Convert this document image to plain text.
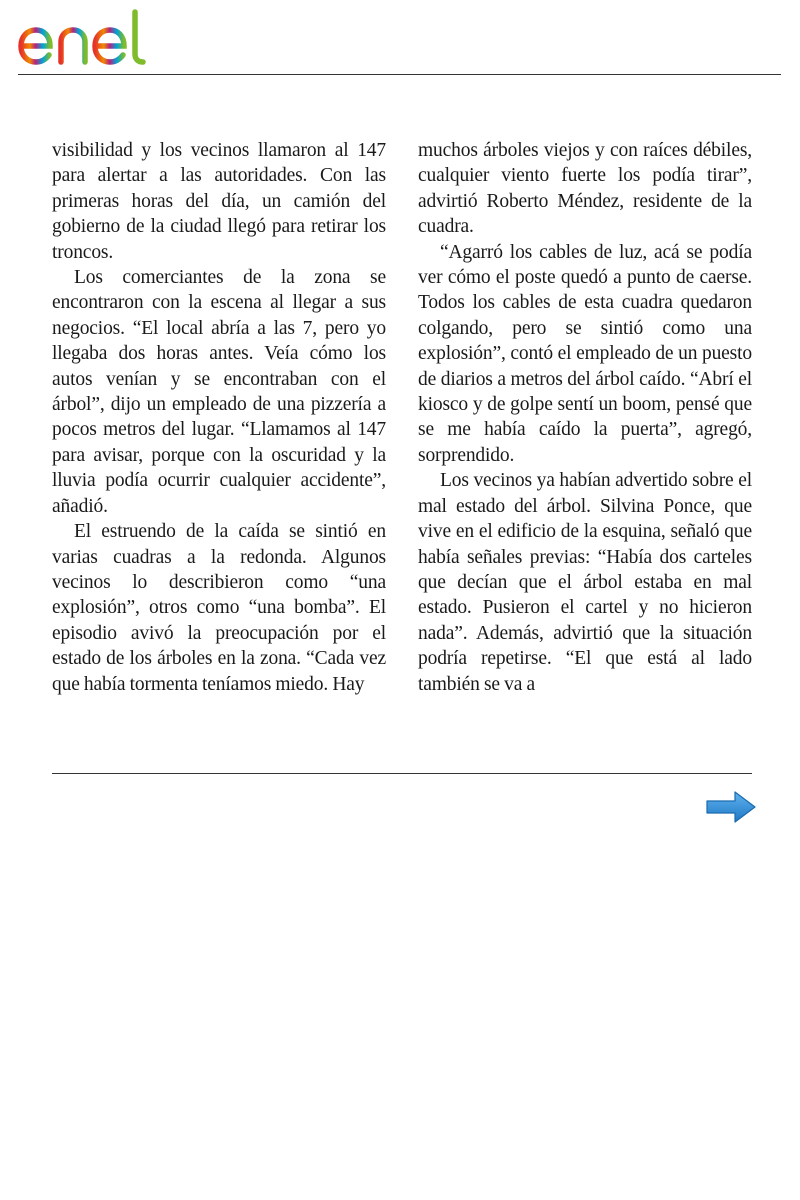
visibilidad y los vecinos llamaron al 147 para alertar a las autoridades. Con las primeras horas del día, un camión del gobierno de la ciudad llegó para retirar los troncos.

Los comerciantes de la zona se encontraron con la escena al llegar a sus negocios. “El local abría a las 7, pero yo llegaba dos horas antes. Veía cómo los autos venían y se encontraban con el árbol”, dijo un empleado de una pizzería a pocos metros del lugar. “Llamamos al 147 para avisar, porque con la oscuridad y la lluvia podía ocurrir cualquier accidente”, añadió.

El estruendo de la caída se sintió en varias cuadras a la redonda. Algunos vecinos lo describieron como “una explosión”, otros como “una bomba”. El episodio avivó la preocupación por el estado de los árboles en la zona. “Cada vez que había tormenta teníamos miedo. Hay

muchos árboles viejos y con raíces débiles, cualquier viento fuerte los podía tirar”, advirtió Roberto Méndez, residente de la cuadra.

“Agarró los cables de luz, acá se podía ver cómo el poste quedó a punto de caerse. Todos los cables de esta cuadra quedaron colgando, pero se sintió como una explosión”, contó el empleado de un puesto de diarios a metros del árbol caído. “Abrí el kiosco y de golpe sentí un boom, pensé que se me había caído la puerta”, agregó, sorprendido.

Los vecinos ya habían advertido sobre el mal estado del árbol. Silvina Ponce, que vive en el edificio de la esquina, señaló que había señales previas: “Había dos carteles que decían que el árbol estaba en mal estado. Pusieron el cartel y no hicieron nada”. Además, advirtió que la situación podría repetirse. “El que está al lado también se va a
